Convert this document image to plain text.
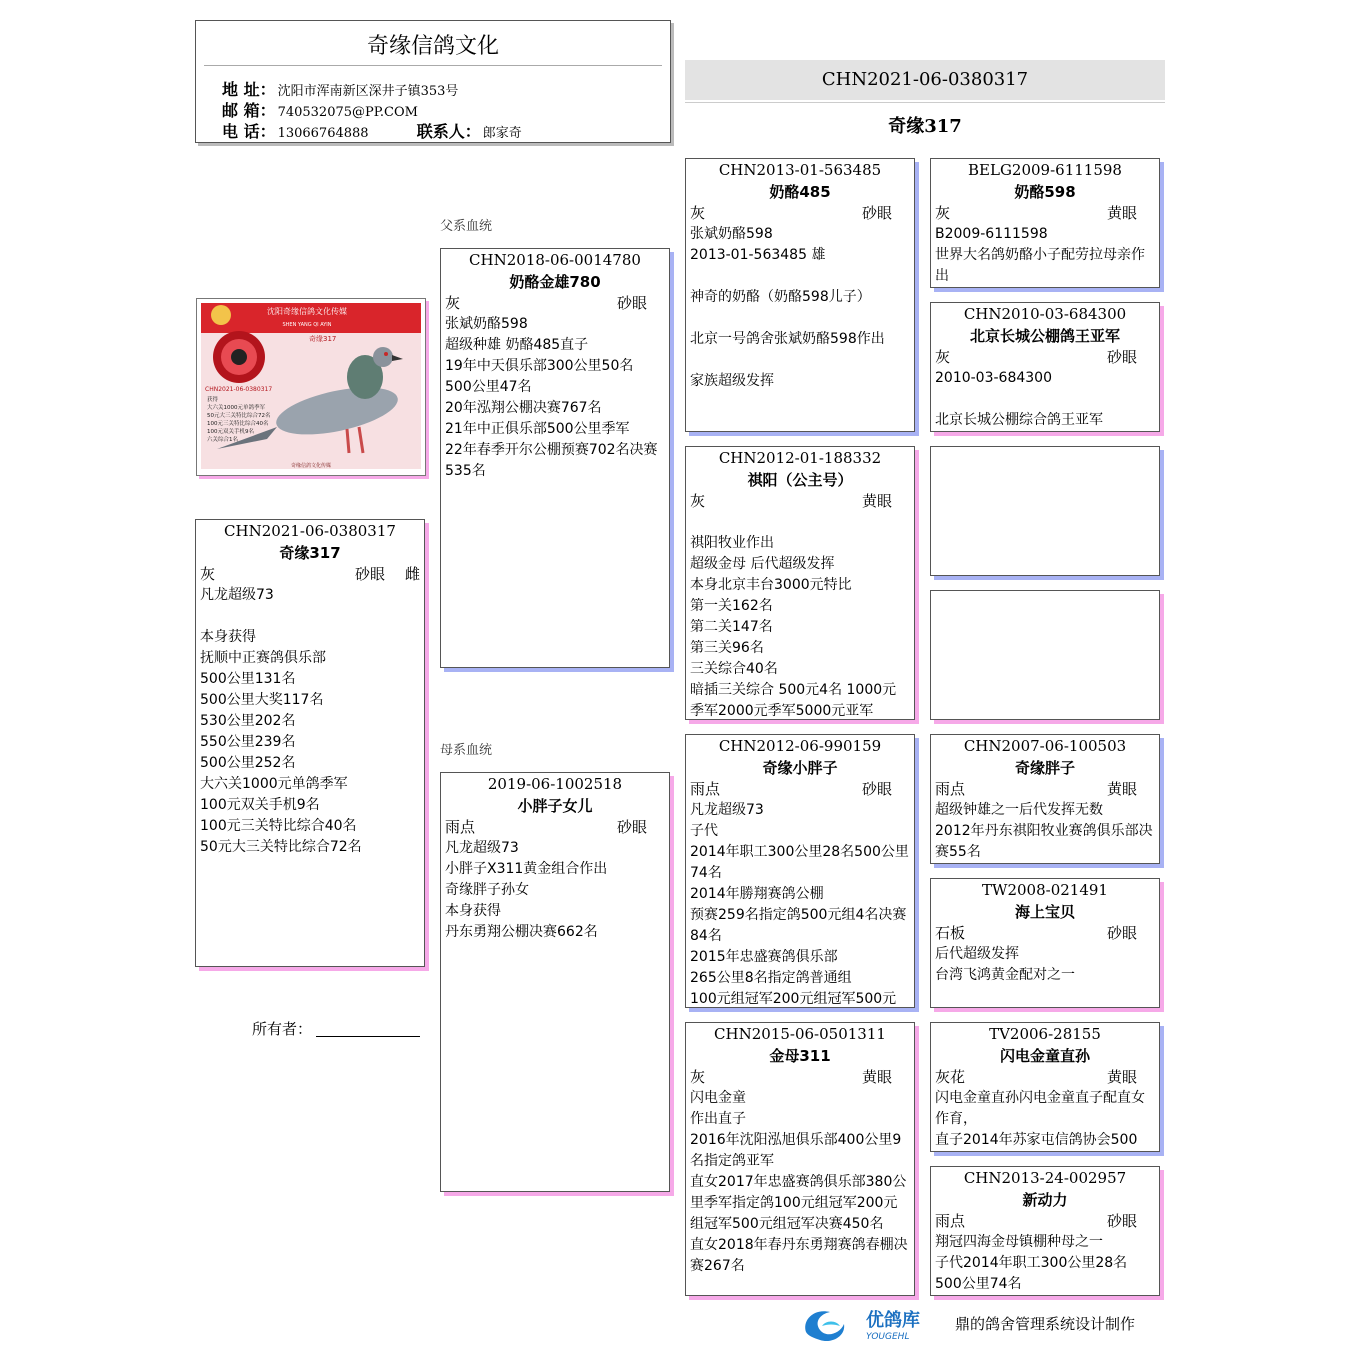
奇缘信鸽文化
地 址： 沈阳市浑南新区深井子镇353号
邮 箱： 740532075@PP.COM
电 话： 13066764888	联系人： 郎家奇
CHN2021-06-0380317
奇缘317
父系血统
母系血统
沈阳奇缘信鸽文化传媒
SHEN YANG QI AYIN
奇缘317
CHN2021-06-0380317
获得
大六关1000元单鸽季军
50元大三关特比综合72名
100元三关特比综合40名
100元双关手机9名
六关综合1名
奇缘信鸽文化传媒
CHN2021-06-0380317
奇缘317
灰	砂眼 雌
凡龙超级73

本身获得
抚顺中正赛鸽俱乐部
500公里131名
500公里大奖117名
530公里202名
550公里239名
500公里252名
大六关1000元单鸽季军
100元双关手机9名
100元三关特比综合40名
50元大三关特比综合72名
所有者：
CHN2018-06-0014780
奶酪金雄780
灰	砂眼
张斌奶酪598
超级种雄 奶酪485直子
19年中天俱乐部300公里50名
500公里47名
20年泓翔公棚决赛767名
21年中正俱乐部500公里季军
22年春季开尔公棚预赛702名决赛535名
2019-06-1002518
小胖子女儿
雨点	砂眼
凡龙超级73
小胖子X311黄金组合作出
奇缘胖子孙女
本身获得
丹东勇翔公棚决赛662名
CHN2013-01-563485
奶酪485
灰	砂眼
张斌奶酪598
2013-01-563485 雄

神奇的奶酪（奶酪598儿子）

北京一号鸽舍张斌奶酪598作出

家族超级发挥
CHN2012-01-188332
祺阳（公主号）
灰	黄眼

祺阳牧业作出
超级金母 后代超级发挥
本身北京丰台3000元特比
第一关162名
第二关147名
第三关96名
三关综合40名
暗插三关综合 500元4名 1000元季军2000元季军5000元亚军
CHN2012-06-990159
奇缘小胖子
雨点	砂眼
凡龙超级73
子代
2014年职工300公里28名500公里74名
2014年勝翔赛鸽公棚
预赛259名指定鸽500元组4名决赛84名
2015年忠盛赛鸽俱乐部
265公里8名指定鸽普通组
100元组冠军200元组冠军500元
CHN2015-06-0501311
金母311
灰	黄眼
闪电金童
作出直子
2016年沈阳泓旭俱乐部400公里9名指定鸽亚军
直女2017年忠盛赛鸽俱乐部380公里季军指定鸽100元组冠军200元组冠军500元组冠军决赛450名
直女2018年春丹东勇翔赛鸽春棚决赛267名
BELG2009-6111598
奶酪598
灰	黄眼
B2009-6111598
世界大名鸽奶酪小子配劳拉母亲作出
CHN2010-03-684300
北京长城公棚鸽王亚军
灰	砂眼
2010-03-684300

北京长城公棚综合鸽王亚军
CHN2007-06-100503
奇缘胖子
雨点	黄眼
超级钟雄之一后代发挥无数
2012年丹东祺阳牧业赛鸽俱乐部决赛55名
TW2008-021491
海上宝贝
石板	砂眼
后代超级发挥
台湾飞鸿黄金配对之一
TV2006-28155
闪电金童直孙
灰花	黄眼
闪电金童直孙闪电金童直子配直女作育，
直子2014年苏家屯信鸽协会500
CHN2013-24-002957
新动力
雨点	砂眼
翔冠四海金母镇棚种母之一
子代2014年职工300公里28名
500公里74名
优鸽库
YOUGEHL
鼎的鸽舍管理系统设计制作
